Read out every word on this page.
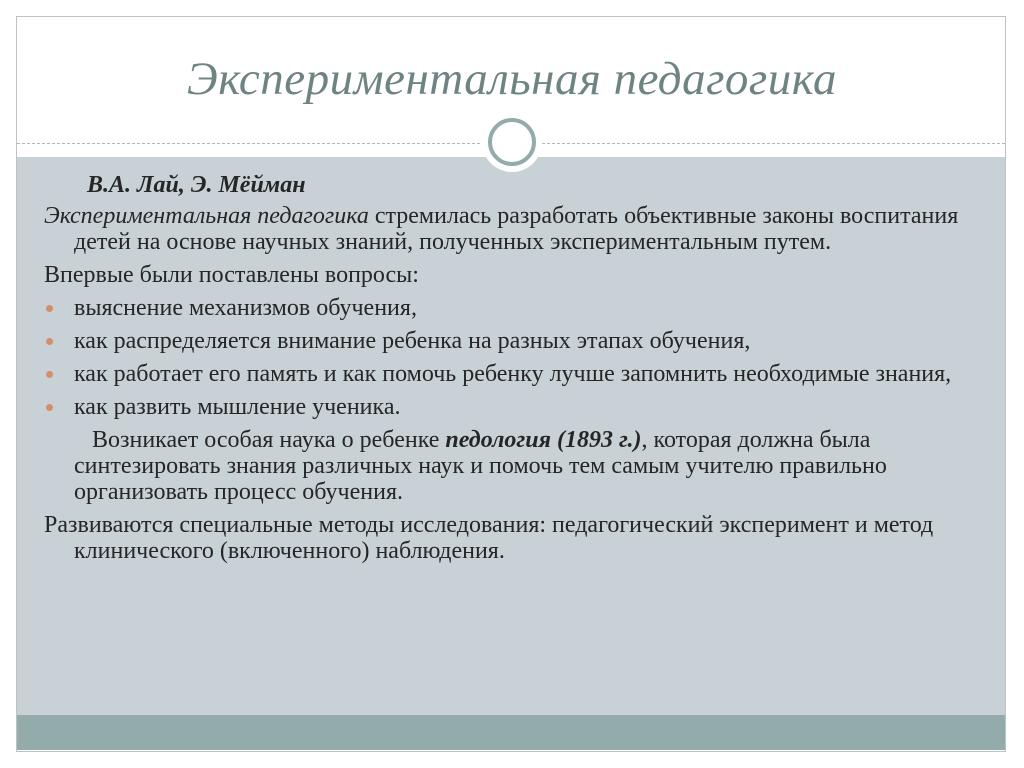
Экспериментальная педагогика
В.А. Лай, Э. Мёйман
Экспериментальная педагогика стремилась разработать объективные законы воспитания детей на основе научных знаний, полученных экспериментальным путем.
Впервые были поставлены вопросы:
выяснение механизмов обучения,
как распределяется внимание ребенка на разных этапах обучения,
как работает его память и как помочь ребенку лучше запомнить необходимые знания,
как развить мышление ученика.
Возникает особая наука о ребенке педология (1893 г.), которая должна была синтезировать знания различных наук и помочь тем самым учителю правильно организовать процесс обучения.
Развиваются специальные методы исследования: педагогический эксперимент и метод клинического (включенного) наблюдения.
